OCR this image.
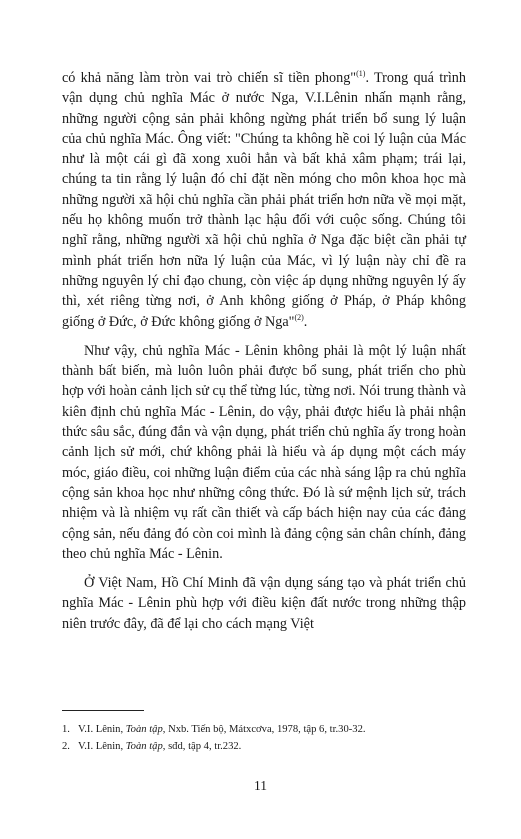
có khả năng làm tròn vai trò chiến sĩ tiền phong"$^{(1)}$. Trong quá trình vận dụng chủ nghĩa Mác ở nước Nga, V.I.Lênin nhấn mạnh rằng, những người cộng sản phải không ngừng phát triển bổ sung lý luận của chủ nghĩa Mác. Ông viết: "Chúng ta không hề coi lý luận của Mác như là một cái gì đã xong xuôi hẳn và bất khả xâm phạm; trái lại, chúng ta tin rằng lý luận đó chỉ đặt nền móng cho môn khoa học mà những người xã hội chủ nghĩa cần phải phát triển hơn nữa về mọi mặt, nếu họ không muốn trở thành lạc hậu đối với cuộc sống. Chúng tôi nghĩ rằng, những người xã hội chủ nghĩa ở Nga đặc biệt cần phải tự mình phát triển hơn nữa lý luận của Mác, vì lý luận này chỉ đề ra những nguyên lý chỉ đạo chung, còn việc áp dụng những nguyên lý ấy thì, xét riêng từng nơi, ở Anh không giống ở Pháp, ở Pháp không giống ở Đức, ở Đức không giống ở Nga"$^{(2)}$.

Như vậy, chủ nghĩa Mác - Lênin không phải là một lý luận nhất thành bất biến, mà luôn luôn phải được bổ sung, phát triển cho phù hợp với hoàn cảnh lịch sử cụ thể từng lúc, từng nơi. Nói trung thành và kiên định chủ nghĩa Mác - Lênin, do vậy, phải được hiểu là phải nhận thức sâu sắc, đúng đắn và vận dụng, phát triển chủ nghĩa ấy trong hoàn cảnh lịch sử mới, chứ không phải là hiểu và áp dụng một cách máy móc, giáo điều, coi những luận điểm của các nhà sáng lập ra chủ nghĩa cộng sản khoa học như những công thức. Đó là sứ mệnh lịch sử, trách nhiệm và là nhiệm vụ rất cần thiết và cấp bách hiện nay của các đảng cộng sản, nếu đảng đó còn coi mình là đảng cộng sản chân chính, đảng theo chủ nghĩa Mác - Lênin.

Ở Việt Nam, Hồ Chí Minh đã vận dụng sáng tạo và phát triển chủ nghĩa Mác - Lênin phù hợp với điều kiện đất nước trong những thập niên trước đây, đã để lại cho cách mạng Việt

1. V.I. Lênin, Toàn tập, Nxb. Tiến bộ, Mátxcơva, 1978, tập 6, tr.30-32.
2. V.I. Lênin, Toàn tập, sđd, tập 4, tr.232.
11
